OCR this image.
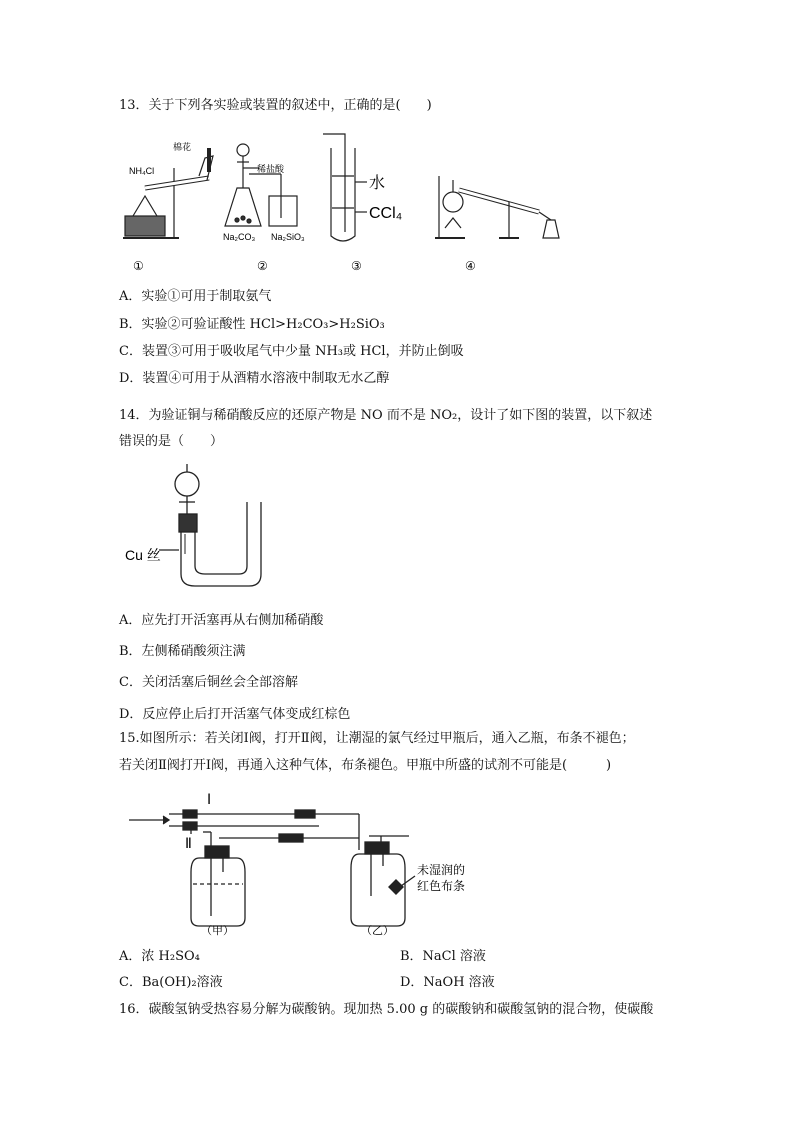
13．关于下列各实验或装置的叙述中，正确的是(　　)
NH₄Cl
棉花
稀盐酸
Na₂CO₃ Na₂SiO₃
水
CCl₄
①	②	③	④
A．实验①可用于制取氨气
B．实验②可验证酸性 HCl>H₂CO₃>H₂SiO₃
C．装置③可用于吸收尾气中少量 NH₃或 HCl，并防止倒吸
D．装置④可用于从酒精水溶液中制取无水乙醇
14．为验证铜与稀硝酸反应的还原产物是 NO 而不是 NO₂，设计了如下图的装置，以下叙述
错误的是（　　）
Cu 丝
A．应先打开活塞再从右侧加稀硝酸
B．左侧稀硝酸须注满
C．关闭活塞后铜丝会全部溶解
D．反应停止后打开活塞气体变成红棕色
15.如图所示：若关闭Ⅰ阀，打开Ⅱ阀，让潮湿的氯气经过甲瓶后，通入乙瓶，布条不褪色；
若关闭Ⅱ阀打开Ⅰ阀，再通入这种气体，布条褪色。甲瓶中所盛的试剂不可能是(　　　)
Ⅰ
Ⅱ
未湿润的
红色布条
（甲）	（乙）
A．浓 H₂SO₄	B．NaCl 溶液
C．Ba(OH)₂溶液	D．NaOH 溶液
16．碳酸氢钠受热容易分解为碳酸钠。现加热 5.00 g 的碳酸钠和碳酸氢钠的混合物，使碳酸
